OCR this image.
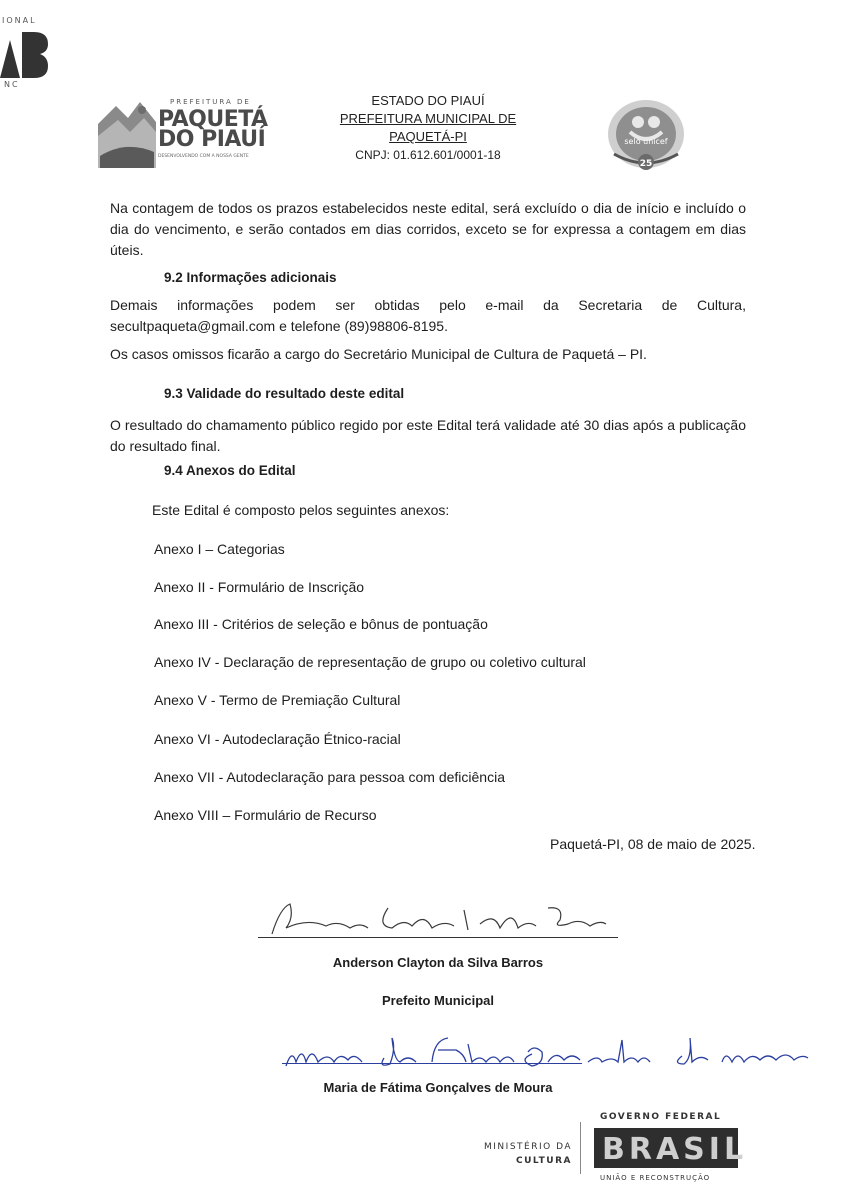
IONAL
NC
PREFEITURA DE
PAQUETÁ
DO PIAUÍ
DESENVOLVENDO COM A NOSSA GENTE
ESTADO DO PIAUÍ
PREFEITURA MUNICIPAL DE
PAQUETÁ-PI
CNPJ: 01.612.601/0001-18
selo unicef
25
Na contagem de todos os prazos estabelecidos neste edital, será excluído o dia de início e incluído o dia do vencimento, e serão contados em dias corridos, exceto se for expressa a contagem em dias úteis.
9.2 Informações adicionais
Demais informações podem ser obtidas pelo e-mail da Secretaria de Cultura, secultpaqueta@gmail.com e telefone (89)98806-8195.
Os casos omissos ficarão a cargo do Secretário Municipal de Cultura de Paquetá – PI.
9.3 Validade do resultado deste edital
O resultado do chamamento público regido por este Edital terá validade até 30 dias após a publicação do resultado final.
9.4 Anexos do Edital
Este Edital é composto pelos seguintes anexos:
Anexo I – Categorias
Anexo II - Formulário de Inscrição
Anexo III - Critérios de seleção e bônus de pontuação
Anexo IV - Declaração de representação de grupo ou coletivo cultural
Anexo V - Termo de Premiação Cultural
Anexo VI - Autodeclaração Étnico-racial
Anexo VII - Autodeclaração para pessoa com deficiência
Anexo VIII – Formulário de Recurso
Paquetá-PI, 08 de maio de 2025.
Anderson Clayton da Silva Barros
Prefeito Municipal
Maria de Fátima Gonçalves de Moura
MINISTÉRIO DA
CULTURA
GOVERNO FEDERAL
BRASIL
UNIÃO E RECONSTRUÇÃO
